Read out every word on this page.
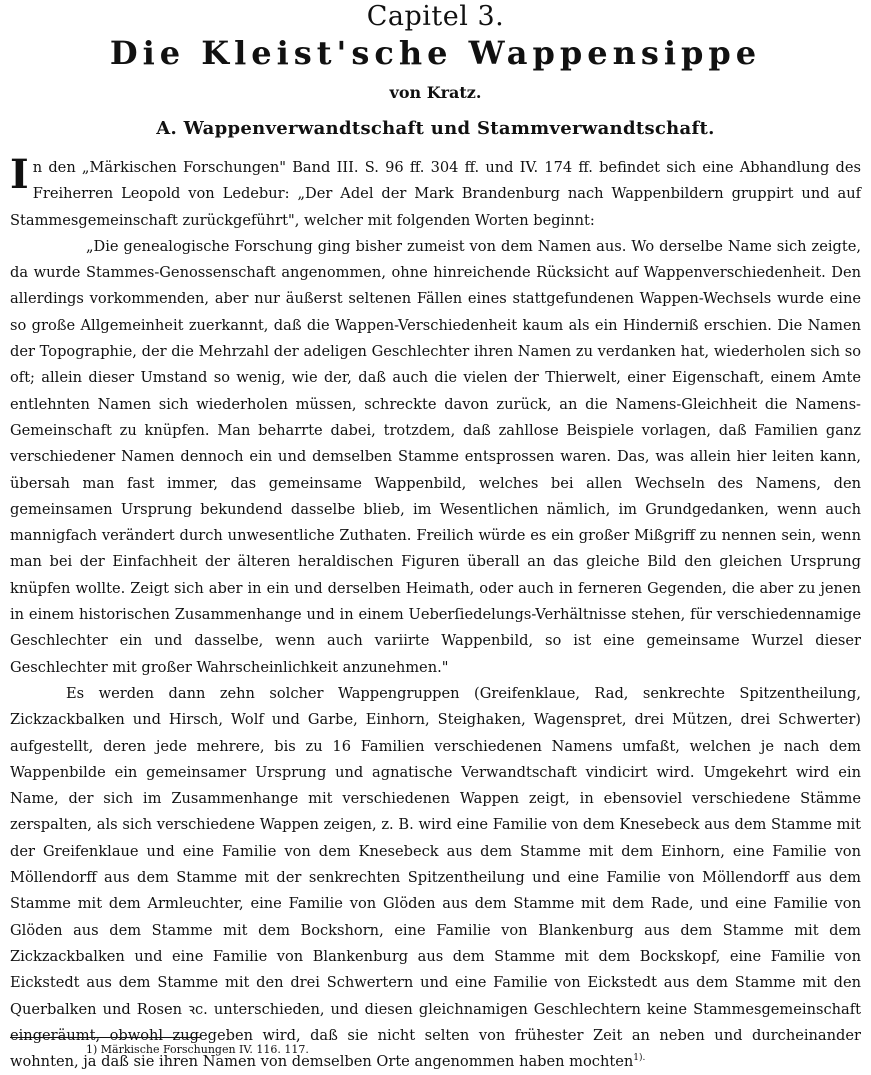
Capitel 3.
Die Kleist'sche Wappensippe
von Kratz.
A. Wappenverwandtschaft und Stammverwandtschaft.

In den „Märkischen Forschungen" Band III. S. 96 ff. 304 ff. und IV. 174 ff. befindet sich eine Abhandlung des Freiherren Leopold von Ledebur: „Der Adel der Mark Brandenburg nach Wappenbildern gruppirt und auf Stammesgemeinschaft zurückgeführt", welcher mit folgenden Worten beginnt:

„Die genealogische Forschung ging bisher zumeist von dem Namen aus. Wo derselbe Name sich zeigte, da wurde Stammes-Genossenschaft angenommen, ohne hinreichende Rücksicht auf Wappenverschiedenheit. Den allerdings vorkommenden, aber nur äußerst seltenen Fällen eines stattgefundenen Wappen-Wechsels wurde eine so große Allgemeinheit zuerkannt, daß die Wappen-Verschiedenheit kaum als ein Hinderniß erschien. Die Namen der Topographie, der die Mehrzahl der adeligen Geschlechter ihren Namen zu verdanken hat, wiederholen sich so oft; allein dieser Umstand so wenig, wie der, daß auch die vielen der Thierwelt, einer Eigenschaft, einem Amte entlehnten Namen sich wiederholen müssen, schreckte davon zurück, an die Namens-Gleichheit die Namens-Gemeinschaft zu knüpfen. Man beharrte dabei, trotzdem, daß zahllose Beispiele vorlagen, daß Familien ganz verschiedener Namen dennoch ein und demselben Stamme entsprossen waren. Das, was allein hier leiten kann, übersah man fast immer, das gemeinsame Wappenbild, welches bei allen Wechseln des Namens, den gemeinsamen Ursprung bekundend dasselbe blieb, im Wesentlichen nämlich, im Grundgedanken, wenn auch mannigfach verändert durch unwesentliche Zuthaten. Freilich würde es ein großer Mißgriff zu nennen sein, wenn man bei der Einfachheit der älteren heraldischen Figuren überall an das gleiche Bild den gleichen Ursprung knüpfen wollte. Zeigt sich aber in ein und derselben Heimath, oder auch in ferneren Gegenden, die aber zu jenen in einem historischen Zusammenhange und in einem Ueberſiedelungs-Verhältnisse stehen, für verschiedennamige Geschlechter ein und dasselbe, wenn auch variirte Wappenbild, so ist eine gemeinsame Wurzel dieser Geschlechter mit großer Wahrscheinlichkeit anzunehmen."

Es werden dann zehn solcher Wappengruppen (Greifenklaue, Rad, senkrechte Spitzentheilung, Zickzackbalken und Hirsch, Wolf und Garbe, Einhorn, Steighaken, Wagenspret, drei Mützen, drei Schwerter) aufgestellt, deren jede mehrere, bis zu 16 Familien verschiedenen Namens umfaßt, welchen je nach dem Wappenbilde ein gemeinsamer Ursprung und agnatische Verwandtschaft vindicirt wird. Umgekehrt wird ein Name, der sich im Zusammenhange mit verschiedenen Wappen zeigt, in ebensoviel verschiedene Stämme zerspalten, als sich verschiedene Wappen zeigen, z. B. wird eine Familie von dem Knesebeck aus dem Stamme mit der Greifenklaue und eine Familie von dem Knesebeck aus dem Stamme mit dem Einhorn, eine Familie von Möllendorff aus dem Stamme mit der senkrechten Spitzentheilung und eine Familie von Möllendorff aus dem Stamme mit dem Armleuchter, eine Familie von Glöden aus dem Stamme mit dem Rade, und eine Familie von Glöden aus dem Stamme mit dem Bockshorn, eine Familie von Blankenburg aus dem Stamme mit dem Zickzackbalken und eine Familie von Blankenburg aus dem Stamme mit dem Bockskopf, eine Familie von Eickstedt aus dem Stamme mit den drei Schwertern und eine Familie von Eickstedt aus dem Stamme mit den Querbalken und Rosen ꝛc. unterschieden, und diesen gleichnamigen Geschlechtern keine Stammesgemeinschaft eingeräumt, obwohl zugegeben wird, daß sie nicht selten von frühester Zeit an neben und durcheinander wohnten, ja daß sie ihren Namen von demselben Orte angenommen haben mochten$^{1).}$

1) Märkische Forschungen IV. 116. 117.
